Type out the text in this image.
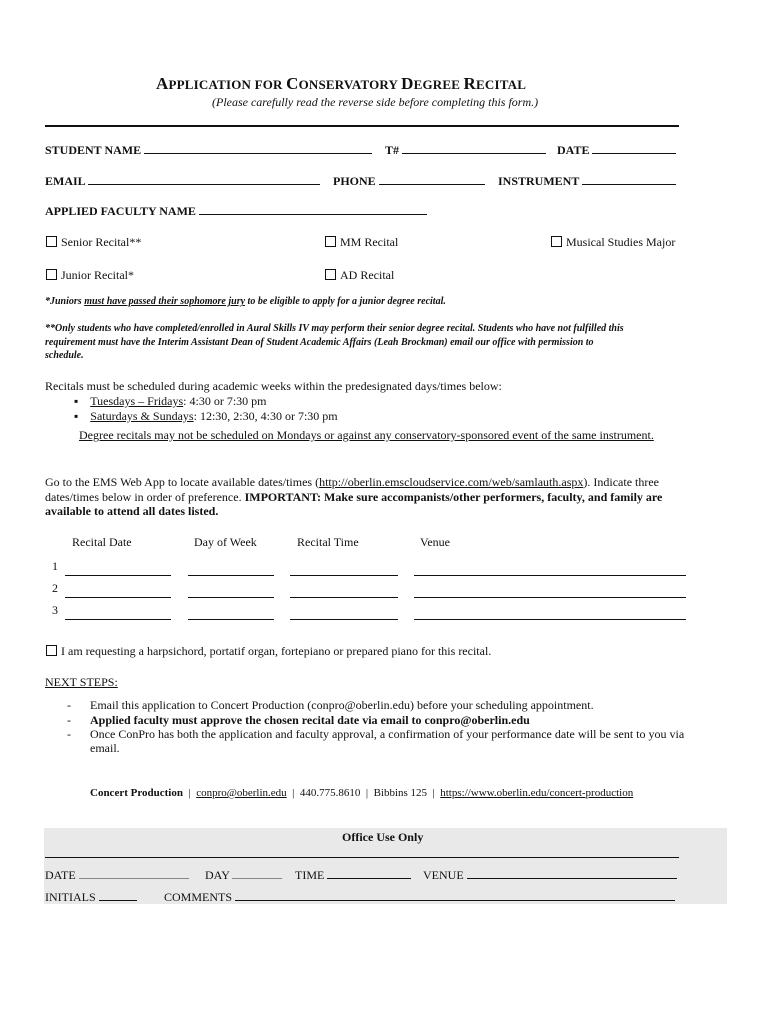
APPLICATION FOR CONSERVATORY DEGREE RECITAL
(Please carefully read the reverse side before completing this form.)
STUDENT NAME	T#	DATE
EMAIL	PHONE	INSTRUMENT
APPLIED FACULTY NAME
Senior Recital**	MM Recital	Musical Studies Major
Junior Recital*	AD Recital
*Juniors must have passed their sophomore jury to be eligible to apply for a junior degree recital.
**Only students who have completed/enrolled in Aural Skills IV may perform their senior degree recital. Students who have not fulfilled this
requirement must have the Interim Assistant Dean of Student Academic Affairs (Leah Brockman) email our office with permission to
schedule.
Recitals must be scheduled during academic weeks within the predesignated days/times below:
▪ Tuesdays – Fridays: 4:30 or 7:30 pm
▪ Saturdays & Sundays: 12:30, 2:30, 4:30 or 7:30 pm
Degree recitals may not be scheduled on Mondays or against any conservatory-sponsored event of the same instrument.
Go to the EMS Web App to locate available dates/times (http://oberlin.emscloudservice.com/web/samlauth.aspx). Indicate three
dates/times below in order of preference. IMPORTANT: Make sure accompanists/other performers, faculty, and family are
available to attend all dates listed.
Recital Date	Day of Week	Recital Time	Venue
1
2
3
I am requesting a harpsichord, portatif organ, fortepiano or prepared piano for this recital.
NEXT STEPS:
- Email this application to Concert Production (conpro@oberlin.edu) before your scheduling appointment.
- Applied faculty must approve the chosen recital date via email to conpro@oberlin.edu
- Once ConPro has both the application and faculty approval, a confirmation of your performance date will be sent to you via
email.
Concert Production | conpro@oberlin.edu | 440.775.8610 | Bibbins 125 | https://www.oberlin.edu/concert-production
Office Use Only
DATE	DAY	TIME	VENUE
INITIALS	COMMENTS
